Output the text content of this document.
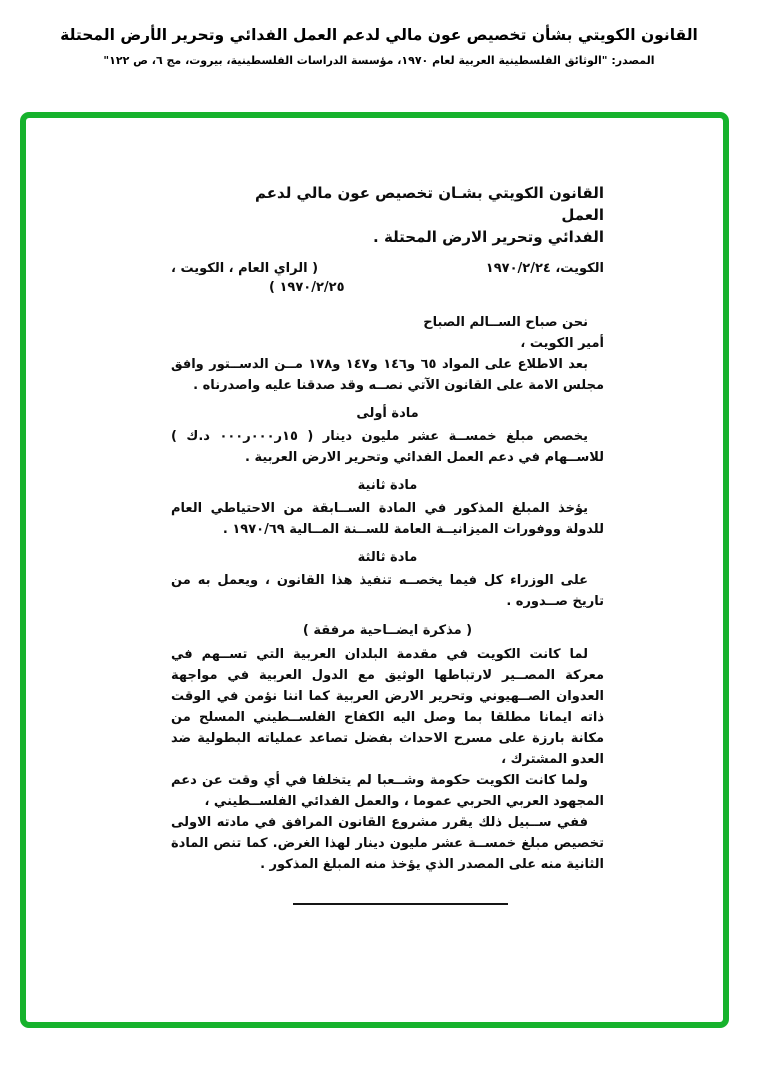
القانون الكويتي بشأن تخصيص عون مالي لدعم العمل الفدائي وتحرير الأرض المحتلة
المصدر: "الوثائق الفلسطينية العربية لعام ١٩٧٠، مؤسسة الدراسات الفلسطينية، بيروت، مج ٦، ص ١٢٢"
القانون الكويتي بشـان تخصيص عون مالي لدعم العمل
الفدائي وتحرير الارض المحتلة .
الكويت، ١٩٧٠/٢/٢٤
( الراي العام ، الكويت ،
١٩٧٠/٢/٢٥ )

نحن صباح الســالم الصباح

أمير الكويت ،

بعد الاطلاع على المواد ٦٥ و١٤٦ و١٤٧ و١٧٨ مــن الدســتور وافق مجلس الامة على القانون الآتي نصــه وقد صدقنا عليه واصدرناه .

مادة أولى

يخصص مبلغ خمســة عشر مليون دينار ( ١٥ر٠٠٠ر٠٠٠ د.ك ) للاســهام في دعم العمل الفدائي وتحرير الارض العربية .

مادة ثانية

يؤخذ المبلغ المذكور في المادة الســابقة من الاحتياطي العام للدولة ووفورات الميزانيــة العامة للســنة المــالية ١٩٧٠/٦٩ .

مادة ثالثة

على الوزراء كل فيما يخصــه تنفيذ هذا القانون ، ويعمل به من تاريخ صــدوره .

( مذكرة ايضــاحية مرفقة )

لما كانت الكويت في مقدمة البلدان العربية التي تســهم في معركة المصــير لارتباطها الوثيق مع الدول العربية في مواجهة العدوان الصــهيوني وتحرير الارض العربية كما اننا نؤمن في الوقت ذاته ايمانا مطلقا بما وصل اليه الكفاح الفلســطيني المسلح من مكانة بارزة على مسرح الاحداث بفضل تصاعد عملياته البطولية ضد العدو المشترك ،

ولما كانت الكويت حكومة وشــعبا لم يتخلفا في أي وقت عن دعم المجهود العربي الحربي عموما ، والعمل الفدائي الفلســطيني ،

ففي ســبيل ذلك يقرر مشروع القانون المرافق في مادته الاولى تخصيص مبلغ خمســة عشر مليون دينار لهذا الغرض. كما تنص المادة الثانية منه على المصدر الذي يؤخذ منه المبلغ المذكور .
